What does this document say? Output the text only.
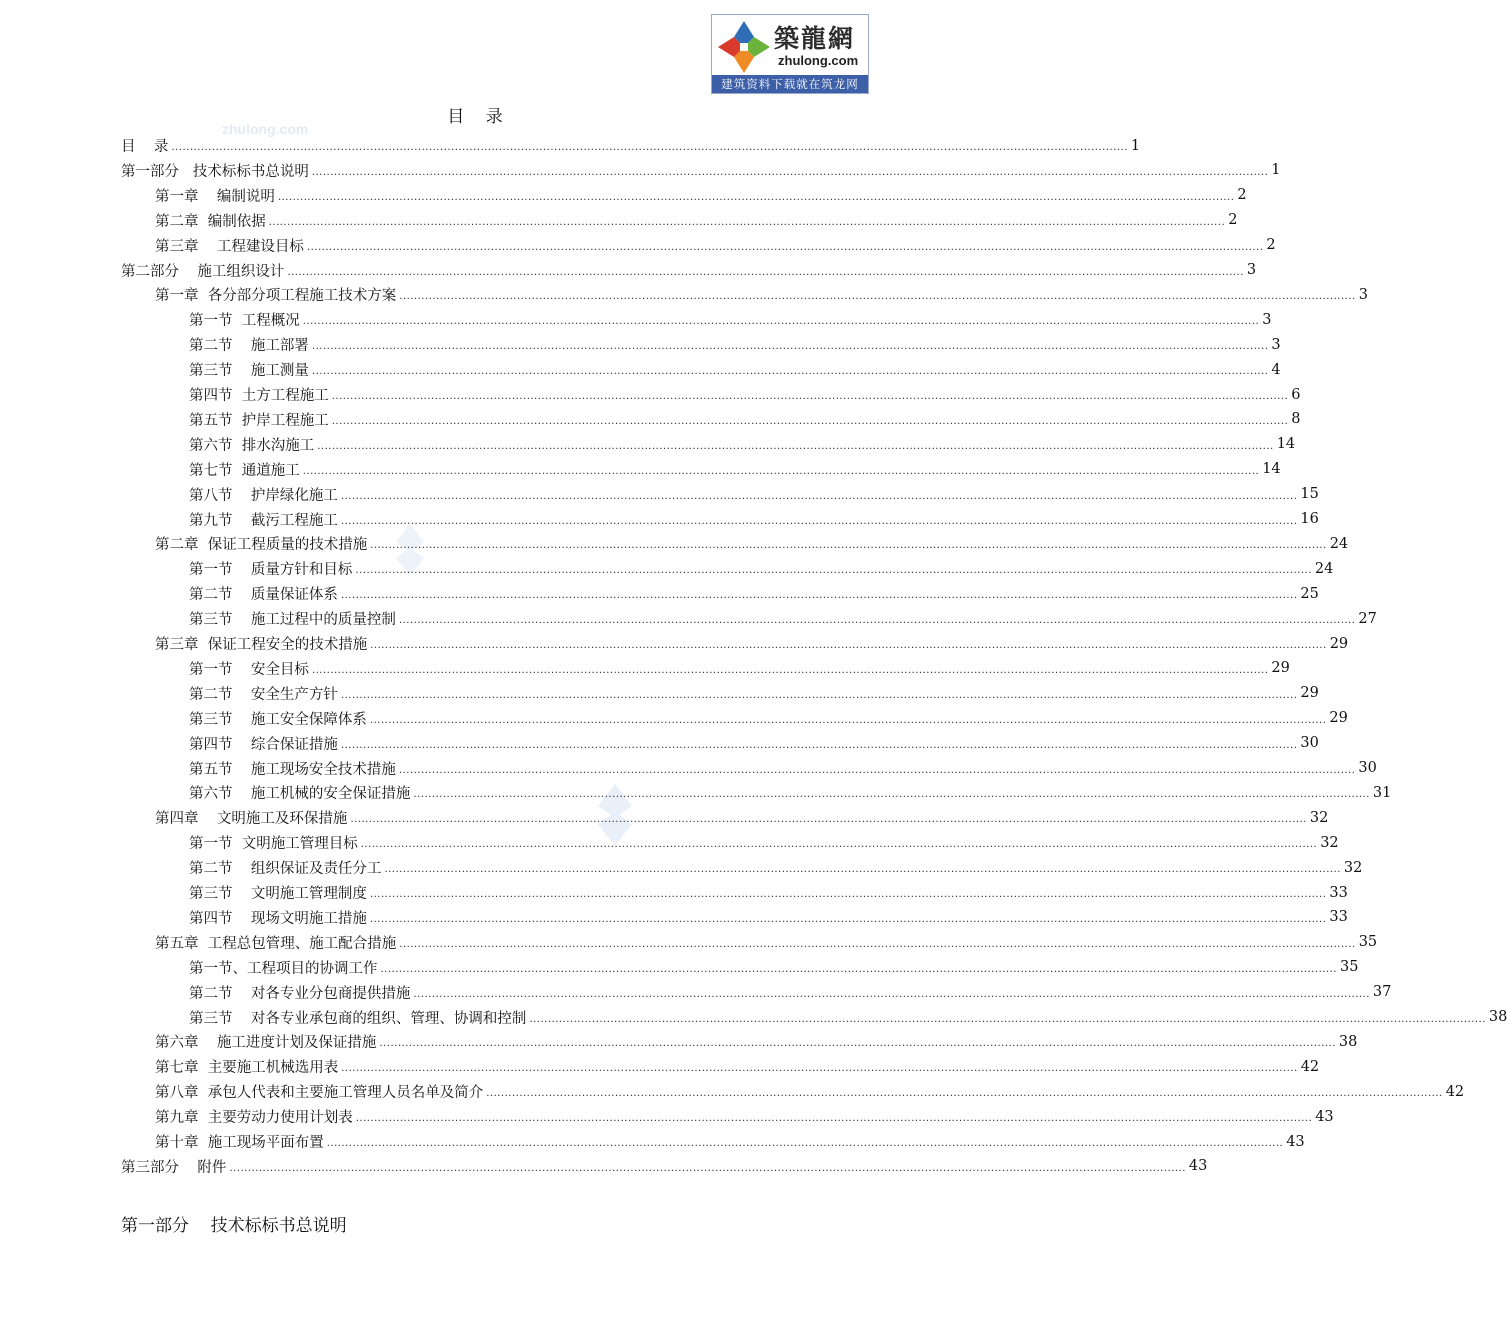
築龍網
zhulong.com
建筑资料下载就在筑龙网
zhulong.com
目    录
目    录 .................................................................................................................................................................................................................................................................... 1
第一部分   技术标标书总说明 .................................................................................................................................................................................................................................................................... 1
第一章    编制说明 .................................................................................................................................................................................................................................................................... 2
第二章  编制依据 .................................................................................................................................................................................................................................................................... 2
第三章    工程建设目标 .................................................................................................................................................................................................................................................................... 2
第二部分    施工组织设计 .................................................................................................................................................................................................................................................................... 3
第一章  各分部分项工程施工技术方案 .................................................................................................................................................................................................................................................................... 3
第一节  工程概况 .................................................................................................................................................................................................................................................................... 3
第二节    施工部署 .................................................................................................................................................................................................................................................................... 3
第三节    施工测量 .................................................................................................................................................................................................................................................................... 4
第四节  土方工程施工 .................................................................................................................................................................................................................................................................... 6
第五节  护岸工程施工 .................................................................................................................................................................................................................................................................... 8
第六节  排水沟施工 .................................................................................................................................................................................................................................................................... 14
第七节  通道施工 .................................................................................................................................................................................................................................................................... 14
第八节    护岸绿化施工 .................................................................................................................................................................................................................................................................... 15
第九节    截污工程施工 .................................................................................................................................................................................................................................................................... 16
第二章  保证工程质量的技术措施 .................................................................................................................................................................................................................................................................... 24
第一节    质量方针和目标 .................................................................................................................................................................................................................................................................... 24
第二节    质量保证体系 .................................................................................................................................................................................................................................................................... 25
第三节    施工过程中的质量控制 .................................................................................................................................................................................................................................................................... 27
第三章  保证工程安全的技术措施 .................................................................................................................................................................................................................................................................... 29
第一节    安全目标 .................................................................................................................................................................................................................................................................... 29
第二节    安全生产方针 .................................................................................................................................................................................................................................................................... 29
第三节    施工安全保障体系 .................................................................................................................................................................................................................................................................... 29
第四节    综合保证措施 .................................................................................................................................................................................................................................................................... 30
第五节    施工现场安全技术措施 .................................................................................................................................................................................................................................................................... 30
第六节    施工机械的安全保证措施 .................................................................................................................................................................................................................................................................... 31
第四章    文明施工及环保措施 .................................................................................................................................................................................................................................................................... 32
第一节  文明施工管理目标 .................................................................................................................................................................................................................................................................... 32
第二节    组织保证及责任分工 .................................................................................................................................................................................................................................................................... 32
第三节    文明施工管理制度 .................................................................................................................................................................................................................................................................... 33
第四节    现场文明施工措施 .................................................................................................................................................................................................................................................................... 33
第五章  工程总包管理、施工配合措施 .................................................................................................................................................................................................................................................................... 35
第一节、工程项目的协调工作 .................................................................................................................................................................................................................................................................... 35
第二节    对各专业分包商提供措施 .................................................................................................................................................................................................................................................................... 37
第三节    对各专业承包商的组织、管理、协调和控制 .................................................................................................................................................................................................................................................................... 38
第六章    施工进度计划及保证措施 .................................................................................................................................................................................................................................................................... 38
第七章  主要施工机械选用表 .................................................................................................................................................................................................................................................................... 42
第八章  承包人代表和主要施工管理人员名单及简介 .................................................................................................................................................................................................................................................................... 42
第九章  主要劳动力使用计划表 .................................................................................................................................................................................................................................................................... 43
第十章  施工现场平面布置 .................................................................................................................................................................................................................................................................... 43
第三部分    附件 .................................................................................................................................................................................................................................................................... 43
第一部分    技术标标书总说明
